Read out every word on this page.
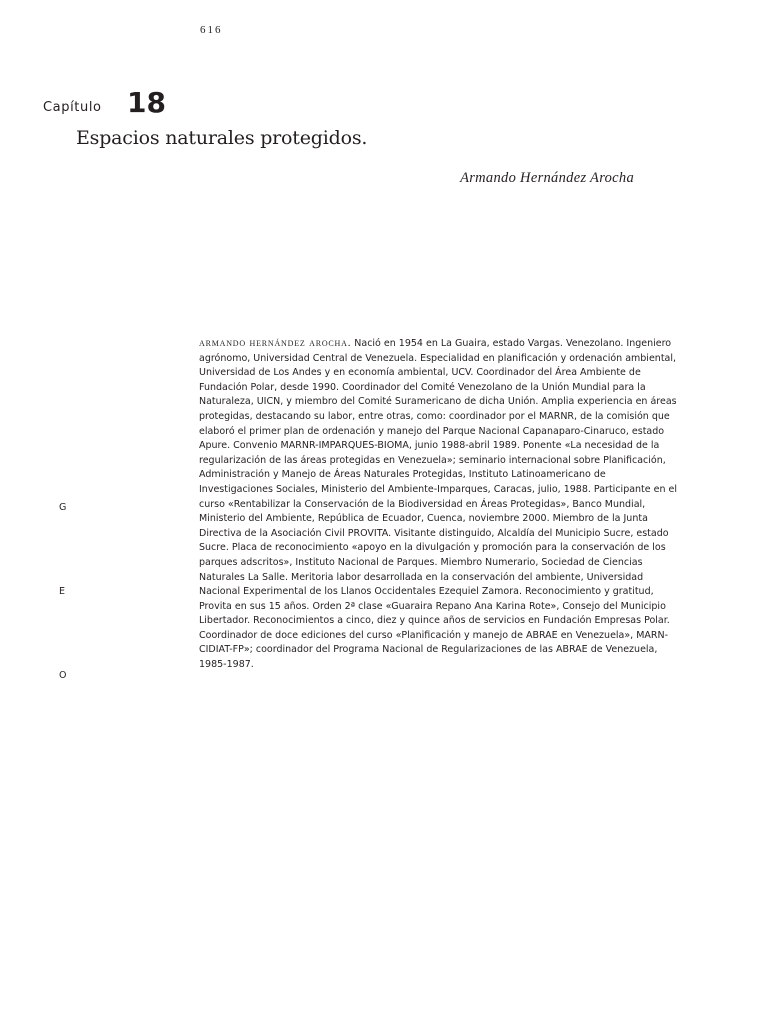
616
Capítulo 18
Espacios naturales protegidos.
Armando Hernández Arocha

armando hernández arocha. Nació en 1954 en La Guaira, estado Vargas. Venezolano. Ingeniero agrónomo, Universidad Central de Venezuela. Especialidad en planificación y ordenación ambiental, Universidad de Los Andes y en economía ambiental, UCV. Coordinador del Área Ambiente de Fundación Polar, desde 1990. Coordinador del Comité Venezolano de la Unión Mundial para la Naturaleza, UICN, y miembro del Comité Suramericano de dicha Unión. Amplia experiencia en áreas protegidas, destacando su labor, entre otras, como: coordinador por el MARNR, de la comisión que elaboró el primer plan de ordenación y manejo del Parque Nacional Capanaparo-Cinaruco, estado Apure. Convenio MARNR-IMPARQUES-BIOMA, junio 1988-abril 1989. Ponente «La necesidad de la regularización de las áreas protegidas en Venezuela»; seminario internacional sobre Planificación, Administración y Manejo de Áreas Naturales Protegidas, Instituto Latinoamericano de Investigaciones Sociales, Ministerio del Ambiente-Imparques, Caracas, julio, 1988. Participante en el curso «Rentabilizar la Conservación de la Biodiversidad en Áreas Protegidas», Banco Mundial, Ministerio del Ambiente, República de Ecuador, Cuenca, noviembre 2000. Miembro de la Junta Directiva de la Asociación Civil PROVITA. Visitante distinguido, Alcaldía del Municipio Sucre, estado Sucre. Placa de reconocimiento «apoyo en la divulgación y promoción para la conservación de los parques adscritos», Instituto Nacional de Parques. Miembro Numerario, Sociedad de Ciencias Naturales La Salle. Meritoria labor desarrollada en la conservación del ambiente, Universidad Nacional Experimental de los Llanos Occidentales Ezequiel Zamora. Reconocimiento y gratitud, Provita en sus 15 años. Orden 2ª clase «Guaraira Repano Ana Karina Rote», Consejo del Municipio Libertador. Reconocimientos a cinco, diez y quince años de servicios en Fundación Empresas Polar. Coordinador de doce ediciones del curso «Planificación y manejo de ABRAE en Venezuela», MARN-CIDIAT-FP»; coordinador del Programa Nacional de Regularizaciones de las ABRAE de Venezuela, 1985-1987.

G
E
O
